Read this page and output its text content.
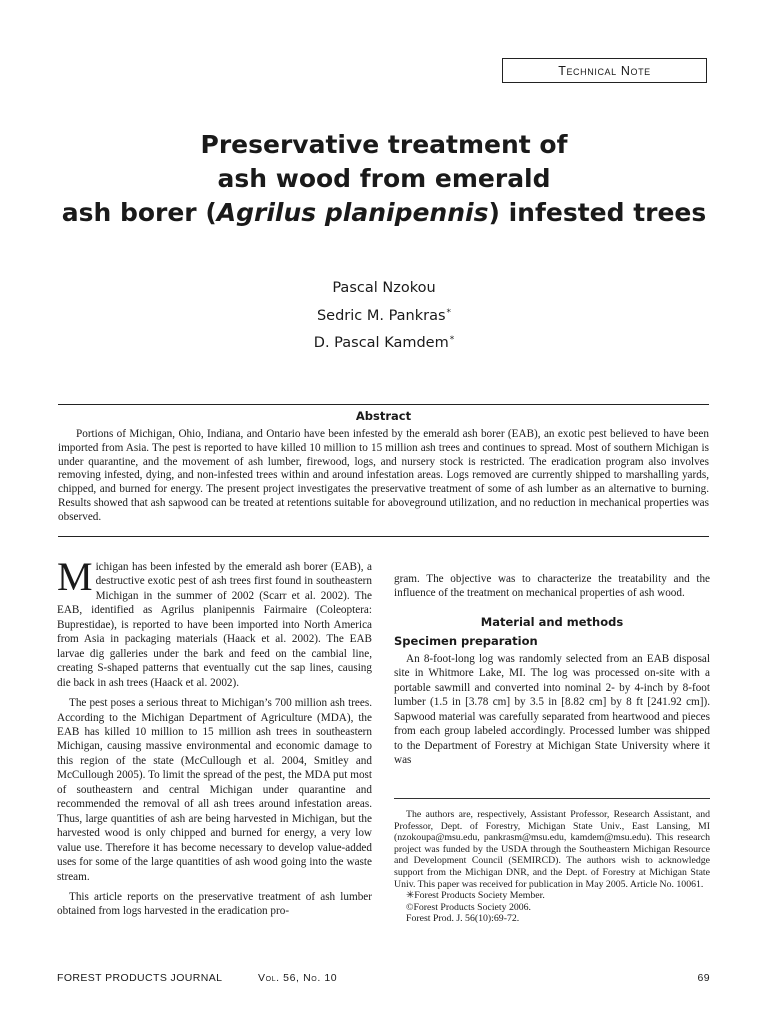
Technical Note
Preservative treatment of
ash wood from emerald
ash borer (Agrilus planipennis) infested trees
Pascal Nzokou
Sedric M. Pankras*
D. Pascal Kamdem*
Abstract
Portions of Michigan, Ohio, Indiana, and Ontario have been infested by the emerald ash borer (EAB), an exotic pest believed to have been imported from Asia. The pest is reported to have killed 10 million to 15 million ash trees and continues to spread. Most of southern Michigan is under quarantine, and the movement of ash lumber, firewood, logs, and nursery stock is restricted. The eradication program also involves removing infested, dying, and non-infested trees within and around infestation areas. Logs removed are currently shipped to marshalling yards, chipped, and burned for energy. The present project investigates the preservative treatment of some of ash lumber as an alternative to burning. Results showed that ash sapwood can be treated at retentions suitable for aboveground utilization, and no reduction in mechanical properties was observed.

Michigan has been infested by the emerald ash borer (EAB), a destructive exotic pest of ash trees first found in southeastern Michigan in the summer of 2002 (Scarr et al. 2002). The EAB, identified as Agrilus planipennis Fairmaire (Coleoptera: Buprestidae), is reported to have been imported into North America from Asia in packaging materials (Haack et al. 2002). The EAB larvae dig galleries under the bark and feed on the cambial line, creating S-shaped patterns that eventually cut the sap lines, causing die back in ash trees (Haack et al. 2002).

The pest poses a serious threat to Michigan’s 700 million ash trees. According to the Michigan Department of Agriculture (MDA), the EAB has killed 10 million to 15 million ash trees in southeastern Michigan, causing massive environmental and economic damage to this region of the state (McCullough et al. 2004, Smitley and McCullough 2005). To limit the spread of the pest, the MDA put most of southeastern and central Michigan under quarantine and recommended the removal of all ash trees around infestation areas. Thus, large quantities of ash are being harvested in Michigan, but the harvested wood is only chipped and burned for energy, a very low value use. Therefore it has become necessary to develop value-added uses for some of the large quantities of ash wood going into the waste stream.

This article reports on the preservative treatment of ash lumber obtained from logs harvested in the eradication pro-

gram. The objective was to characterize the treatability and the influence of the treatment on mechanical properties of ash wood.

Material and methods
Specimen preparation

An 8-foot-long log was randomly selected from an EAB disposal site in Whitmore Lake, MI. The log was processed on-site with a portable sawmill and converted into nominal 2- by 4-inch by 8-foot lumber (1.5 in [3.78 cm] by 3.5 in [8.82 cm] by 8 ft [241.92 cm]). Sapwood material was carefully separated from heartwood and pieces from each group labeled accordingly. Processed lumber was shipped to the Department of Forestry at Michigan State University where it was

The authors are, respectively, Assistant Professor, Research Assistant, and Professor, Dept. of Forestry, Michigan State Univ., East Lansing, MI (nzokoupa@msu.edu, pankrasm@msu.edu, kamdem@msu.edu). This research project was funded by the USDA through the Southeastern Michigan Resource and Development Council (SEMIRCD). The authors wish to acknowledge support from the Michigan DNR, and the Dept. of Forestry at Michigan State Univ. This paper was received for publication in May 2005. Article No. 10061.

✳Forest Products Society Member.

©Forest Products Society 2006.

Forest Prod. J. 56(10):69-72.

FOREST PRODUCTS JOURNAL	Vol. 56, No. 10	69
